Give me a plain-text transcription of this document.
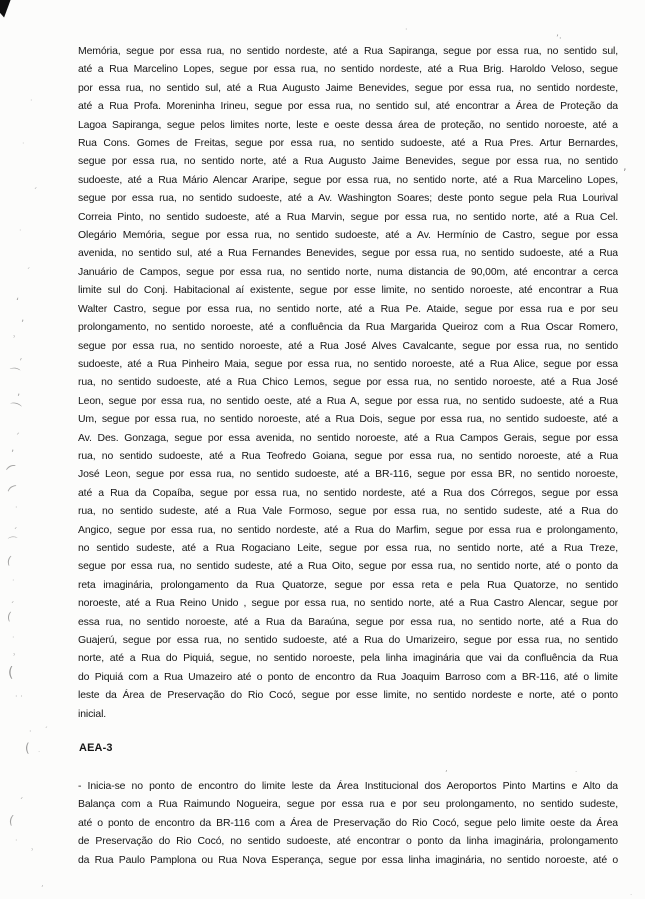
Memória, segue por essa rua, no sentido nordeste, até a Rua Sapiranga, segue por essa rua, no sentido sul,
até a Rua Marcelino Lopes, segue por essa rua, no sentido nordeste, até a Rua Brig. Haroldo Veloso, segue
por essa rua, no sentido sul, até a Rua Augusto Jaime Benevides, segue por essa rua, no sentido nordeste,
até a Rua Profa. Moreninha Irineu, segue por essa rua, no sentido sul, até encontrar a Área de Proteção da
Lagoa Sapiranga, segue pelos limites norte, leste e oeste dessa área de proteção, no sentido noroeste, até a
Rua Cons. Gomes de Freitas, segue por essa rua, no sentido sudoeste, até a Rua Pres. Artur Bernardes,
segue por essa rua, no sentido norte, até a Rua Augusto Jaime Benevides, segue por essa rua, no sentido
sudoeste, até a Rua Mário Alencar Araripe, segue por essa rua, no sentido norte, até a Rua Marcelino Lopes,
segue por essa rua, no sentido sudoeste, até a Av. Washington Soares; deste ponto segue pela Rua Lourival
Correia Pinto, no sentido sudoeste, até a Rua Marvin, segue por essa rua, no sentido norte, até a Rua Cel.
Olegário Memória, segue por essa rua, no sentido sudoeste, até a Av. Hermínio de Castro, segue por essa
avenida, no sentido sul, até a Rua Fernandes Benevides, segue por essa rua, no sentido sudoeste, até a Rua
Januário de Campos, segue por essa rua, no sentido norte, numa distancia de 90,00m, até encontrar a cerca
limite sul do Conj. Habitacional aí existente, segue por esse limite, no sentido noroeste, até encontrar a Rua
Walter Castro, segue por essa rua, no sentido norte, até a Rua Pe. Ataide, segue por essa rua e por seu
prolongamento, no sentido noroeste, até a confluência da Rua Margarida Queiroz com a Rua Oscar Romero,
segue por essa rua, no sentido noroeste, até a Rua José Alves Cavalcante, segue por essa rua, no sentido
sudoeste, até a Rua Pinheiro Maia, segue por essa rua, no sentido noroeste, até a Rua Alice, segue por essa
rua, no sentido sudoeste, até a Rua Chico Lemos, segue por essa rua, no sentido noroeste, até a Rua José
Leon, segue por essa rua, no sentido oeste, até a Rua A, segue por essa rua, no sentido sudoeste, até a Rua
Um, segue por essa rua, no sentido noroeste, até a Rua Dois, segue por essa rua, no sentido sudoeste, até a
Av. Des. Gonzaga, segue por essa avenida, no sentido noroeste, até a Rua Campos Gerais, segue por essa
rua, no sentido sudoeste, até a Rua Teofredo Goiana, segue por essa rua, no sentido noroeste, até a Rua
José Leon, segue por essa rua, no sentido sudoeste, até a BR-116, segue por essa BR, no sentido noroeste,
até a Rua da Copaíba, segue por essa rua, no sentido nordeste, até a Rua dos Córregos, segue por essa
rua, no sentido sudeste, até a Rua Vale Formoso, segue por essa rua, no sentido sudeste, até a Rua do
Angico, segue por essa rua, no sentido nordeste, até a Rua do Marfim, segue por essa rua e prolongamento,
no sentido sudeste, até a Rua Rogaciano Leite, segue por essa rua, no sentido norte, até a Rua Treze,
segue por essa rua, no sentido sudeste, até a Rua Oito, segue por essa rua, no sentido norte, até o ponto da
reta imaginária, prolongamento da Rua Quatorze, segue por essa reta e pela Rua Quatorze, no sentido
noroeste, até a Rua Reino Unido , segue por essa rua, no sentido norte, até a Rua Castro Alencar, segue por
essa rua, no sentido noroeste, até a Rua da Baraúna, segue por essa rua, no sentido norte, até a Rua do
Guajerú, segue por essa rua, no sentido sudoeste, até a Rua do Umarizeiro, segue por essa rua, no sentido
norte, até a Rua do Piquiá, segue, no sentido noroeste, pela linha imaginária que vai da confluência da Rua
do Piquiá com a Rua Umazeiro até o ponto de encontro da Rua Joaquim Barroso com a BR-116, até o limite
leste da Área de Preservação do Rio Cocó, segue por esse limite, no sentido nordeste e norte, até o ponto
inicial.
AEA-3
- Inicia-se no ponto de encontro do limite leste da Área Institucional dos Aeroportos Pinto Martins e Alto da
Balança com a Rua Raimundo Nogueira, segue por essa rua e por seu prolongamento, no sentido sudeste,
até o ponto de encontro da BR-116 com a Área de Preservação do Rio Cocó, segue pelo limite oeste da Área
de Preservação do Rio Cocó, no sentido sudoeste, até encontrar o ponto da linha imaginária, prolongamento
da Rua Paulo Pamplona ou Rua Nova Esperança, segue por essa linha imaginária, no sentido noroeste, até o
·
ʼ·
‚
·
·
ˏ
·
ˏ
ʻ
‚
˒
ˏ
⌒
‚
⌒
ˏ
‚
(
(
·
ˏ
⌒
(
·
ˏ
(
·
˒
(
· ·
· ˊ
( ·
ˏ
(
·
˒
ʼ
ʼ	·
·
